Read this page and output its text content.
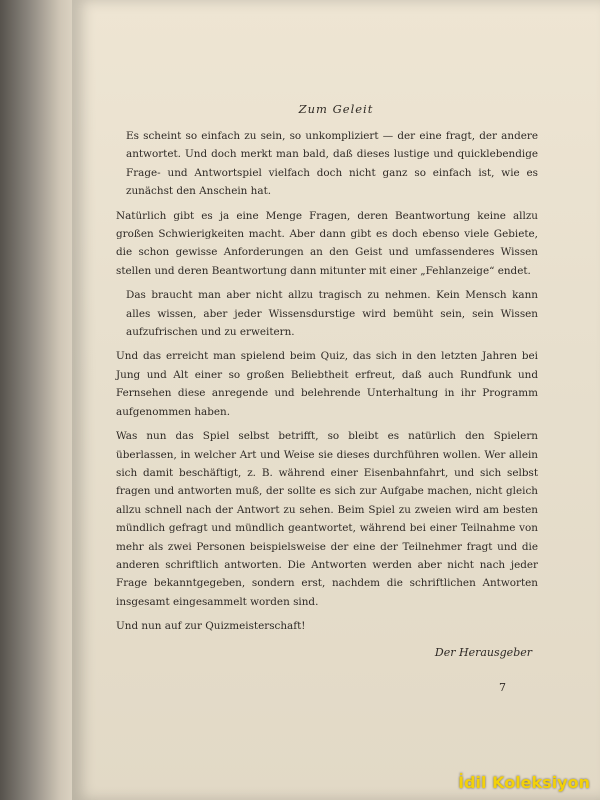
Zum Geleit

Es scheint so einfach zu sein, so unkompliziert — der eine fragt, der andere antwortet. Und doch merkt man bald, daß dieses lustige und quicklebendige Frage- und Antwortspiel vielfach doch nicht ganz so einfach ist, wie es zunächst den Anschein hat.

Natürlich gibt es ja eine Menge Fragen, deren Beantwortung keine allzu großen Schwierigkeiten macht. Aber dann gibt es doch ebenso viele Gebiete, die schon gewisse Anforderungen an den Geist und umfassenderes Wissen stellen und deren Beantwortung dann mitunter mit einer „Fehlanzeige“ endet.

Das braucht man aber nicht allzu tragisch zu nehmen. Kein Mensch kann alles wissen, aber jeder Wissensdurstige wird bemüht sein, sein Wissen aufzufrischen und zu erweitern.

Und das erreicht man spielend beim Quiz, das sich in den letzten Jahren bei Jung und Alt einer so großen Beliebtheit erfreut, daß auch Rundfunk und Fernsehen diese anregende und belehrende Unterhaltung in ihr Programm aufgenommen haben.

Was nun das Spiel selbst betrifft, so bleibt es natürlich den Spielern überlassen, in welcher Art und Weise sie dieses durchführen wollen. Wer allein sich damit beschäftigt, z. B. während einer Eisenbahnfahrt, und sich selbst fragen und antworten muß, der sollte es sich zur Aufgabe machen, nicht gleich allzu schnell nach der Antwort zu sehen. Beim Spiel zu zweien wird am besten mündlich gefragt und mündlich geantwortet, während bei einer Teilnahme von mehr als zwei Personen beispielsweise der eine der Teilnehmer fragt und die anderen schriftlich antworten. Die Antworten werden aber nicht nach jeder Frage bekanntgegeben, sondern erst, nachdem die schriftlichen Antworten insgesamt eingesammelt worden sind.

Und nun auf zur Quizmeisterschaft!

Der Herausgeber
7
İdil Koleksiyon
